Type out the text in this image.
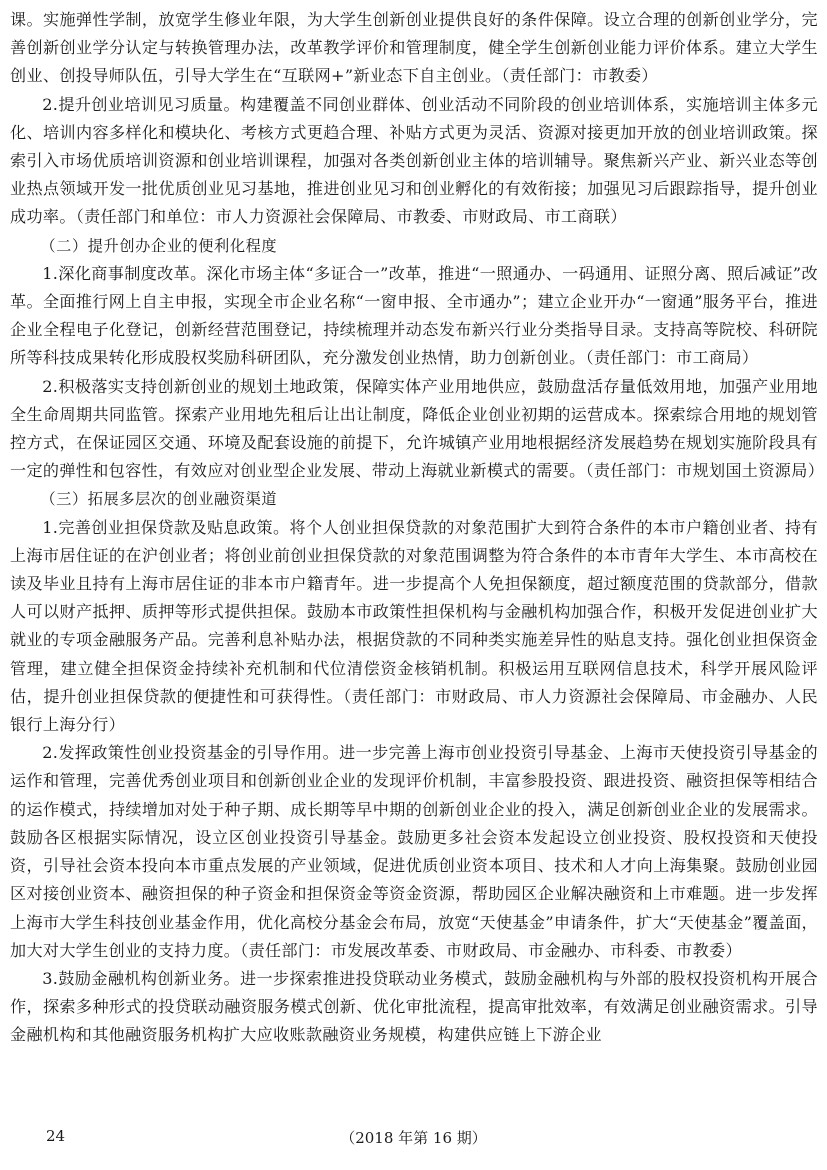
课。实施弹性学制，放宽学生修业年限，为大学生创新创业提供良好的条件保障。设立合理的创新创业学分，完善创新创业学分认定与转换管理办法，改革教学评价和管理制度，健全学生创新创业能力评价体系。建立大学生创业、创投导师队伍，引导大学生在“互联网+”新业态下自主创业。（责任部门：市教委）

2.提升创业培训见习质量。构建覆盖不同创业群体、创业活动不同阶段的创业培训体系，实施培训主体多元化、培训内容多样化和模块化、考核方式更趋合理、补贴方式更为灵活、资源对接更加开放的创业培训政策。探索引入市场优质培训资源和创业培训课程，加强对各类创新创业主体的培训辅导。聚焦新兴产业、新兴业态等创业热点领域开发一批优质创业见习基地，推进创业见习和创业孵化的有效衔接；加强见习后跟踪指导，提升创业成功率。（责任部门和单位：市人力资源社会保障局、市教委、市财政局、市工商联）

（二）提升创办企业的便利化程度

1.深化商事制度改革。深化市场主体“多证合一”改革，推进“一照通办、一码通用、证照分离、照后减证”改革。全面推行网上自主申报，实现全市企业名称“一窗申报、全市通办”；建立企业开办“一窗通”服务平台，推进企业全程电子化登记，创新经营范围登记，持续梳理并动态发布新兴行业分类指导目录。支持高等院校、科研院所等科技成果转化形成股权奖励科研团队，充分激发创业热情，助力创新创业。（责任部门：市工商局）

2.积极落实支持创新创业的规划土地政策，保障实体产业用地供应，鼓励盘活存量低效用地，加强产业用地全生命周期共同监管。探索产业用地先租后让出让制度，降低企业创业初期的运营成本。探索综合用地的规划管控方式，在保证园区交通、环境及配套设施的前提下，允许城镇产业用地根据经济发展趋势在规划实施阶段具有一定的弹性和包容性，有效应对创业型企业发展、带动上海就业新模式的需要。（责任部门：市规划国土资源局）

（三）拓展多层次的创业融资渠道

1.完善创业担保贷款及贴息政策。将个人创业担保贷款的对象范围扩大到符合条件的本市户籍创业者、持有上海市居住证的在沪创业者；将创业前创业担保贷款的对象范围调整为符合条件的本市青年大学生、本市高校在读及毕业且持有上海市居住证的非本市户籍青年。进一步提高个人免担保额度，超过额度范围的贷款部分，借款人可以财产抵押、质押等形式提供担保。鼓励本市政策性担保机构与金融机构加强合作，积极开发促进创业扩大就业的专项金融服务产品。完善利息补贴办法，根据贷款的不同种类实施差异性的贴息支持。强化创业担保资金管理，建立健全担保资金持续补充机制和代位清偿资金核销机制。积极运用互联网信息技术，科学开展风险评估，提升创业担保贷款的便捷性和可获得性。（责任部门：市财政局、市人力资源社会保障局、市金融办、人民银行上海分行）

2.发挥政策性创业投资基金的引导作用。进一步完善上海市创业投资引导基金、上海市天使投资引导基金的运作和管理，完善优秀创业项目和创新创业企业的发现评价机制，丰富参股投资、跟进投资、融资担保等相结合的运作模式，持续增加对处于种子期、成长期等早中期的创新创业企业的投入，满足创新创业企业的发展需求。鼓励各区根据实际情况，设立区创业投资引导基金。鼓励更多社会资本发起设立创业投资、股权投资和天使投资，引导社会资本投向本市重点发展的产业领域，促进优质创业资本项目、技术和人才向上海集聚。鼓励创业园区对接创业资本、融资担保的种子资金和担保资金等资金资源，帮助园区企业解决融资和上市难题。进一步发挥上海市大学生科技创业基金作用，优化高校分基金会布局，放宽“天使基金”申请条件，扩大“天使基金”覆盖面，加大对大学生创业的支持力度。（责任部门：市发展改革委、市财政局、市金融办、市科委、市教委）

3.鼓励金融机构创新业务。进一步探索推进投贷联动业务模式，鼓励金融机构与外部的股权投资机构开展合作，探索多种形式的投贷联动融资服务模式创新、优化审批流程，提高审批效率，有效满足创业融资需求。引导金融机构和其他融资服务机构扩大应收账款融资业务规模，构建供应链上下游企业

24	（2018 年第 16 期）
